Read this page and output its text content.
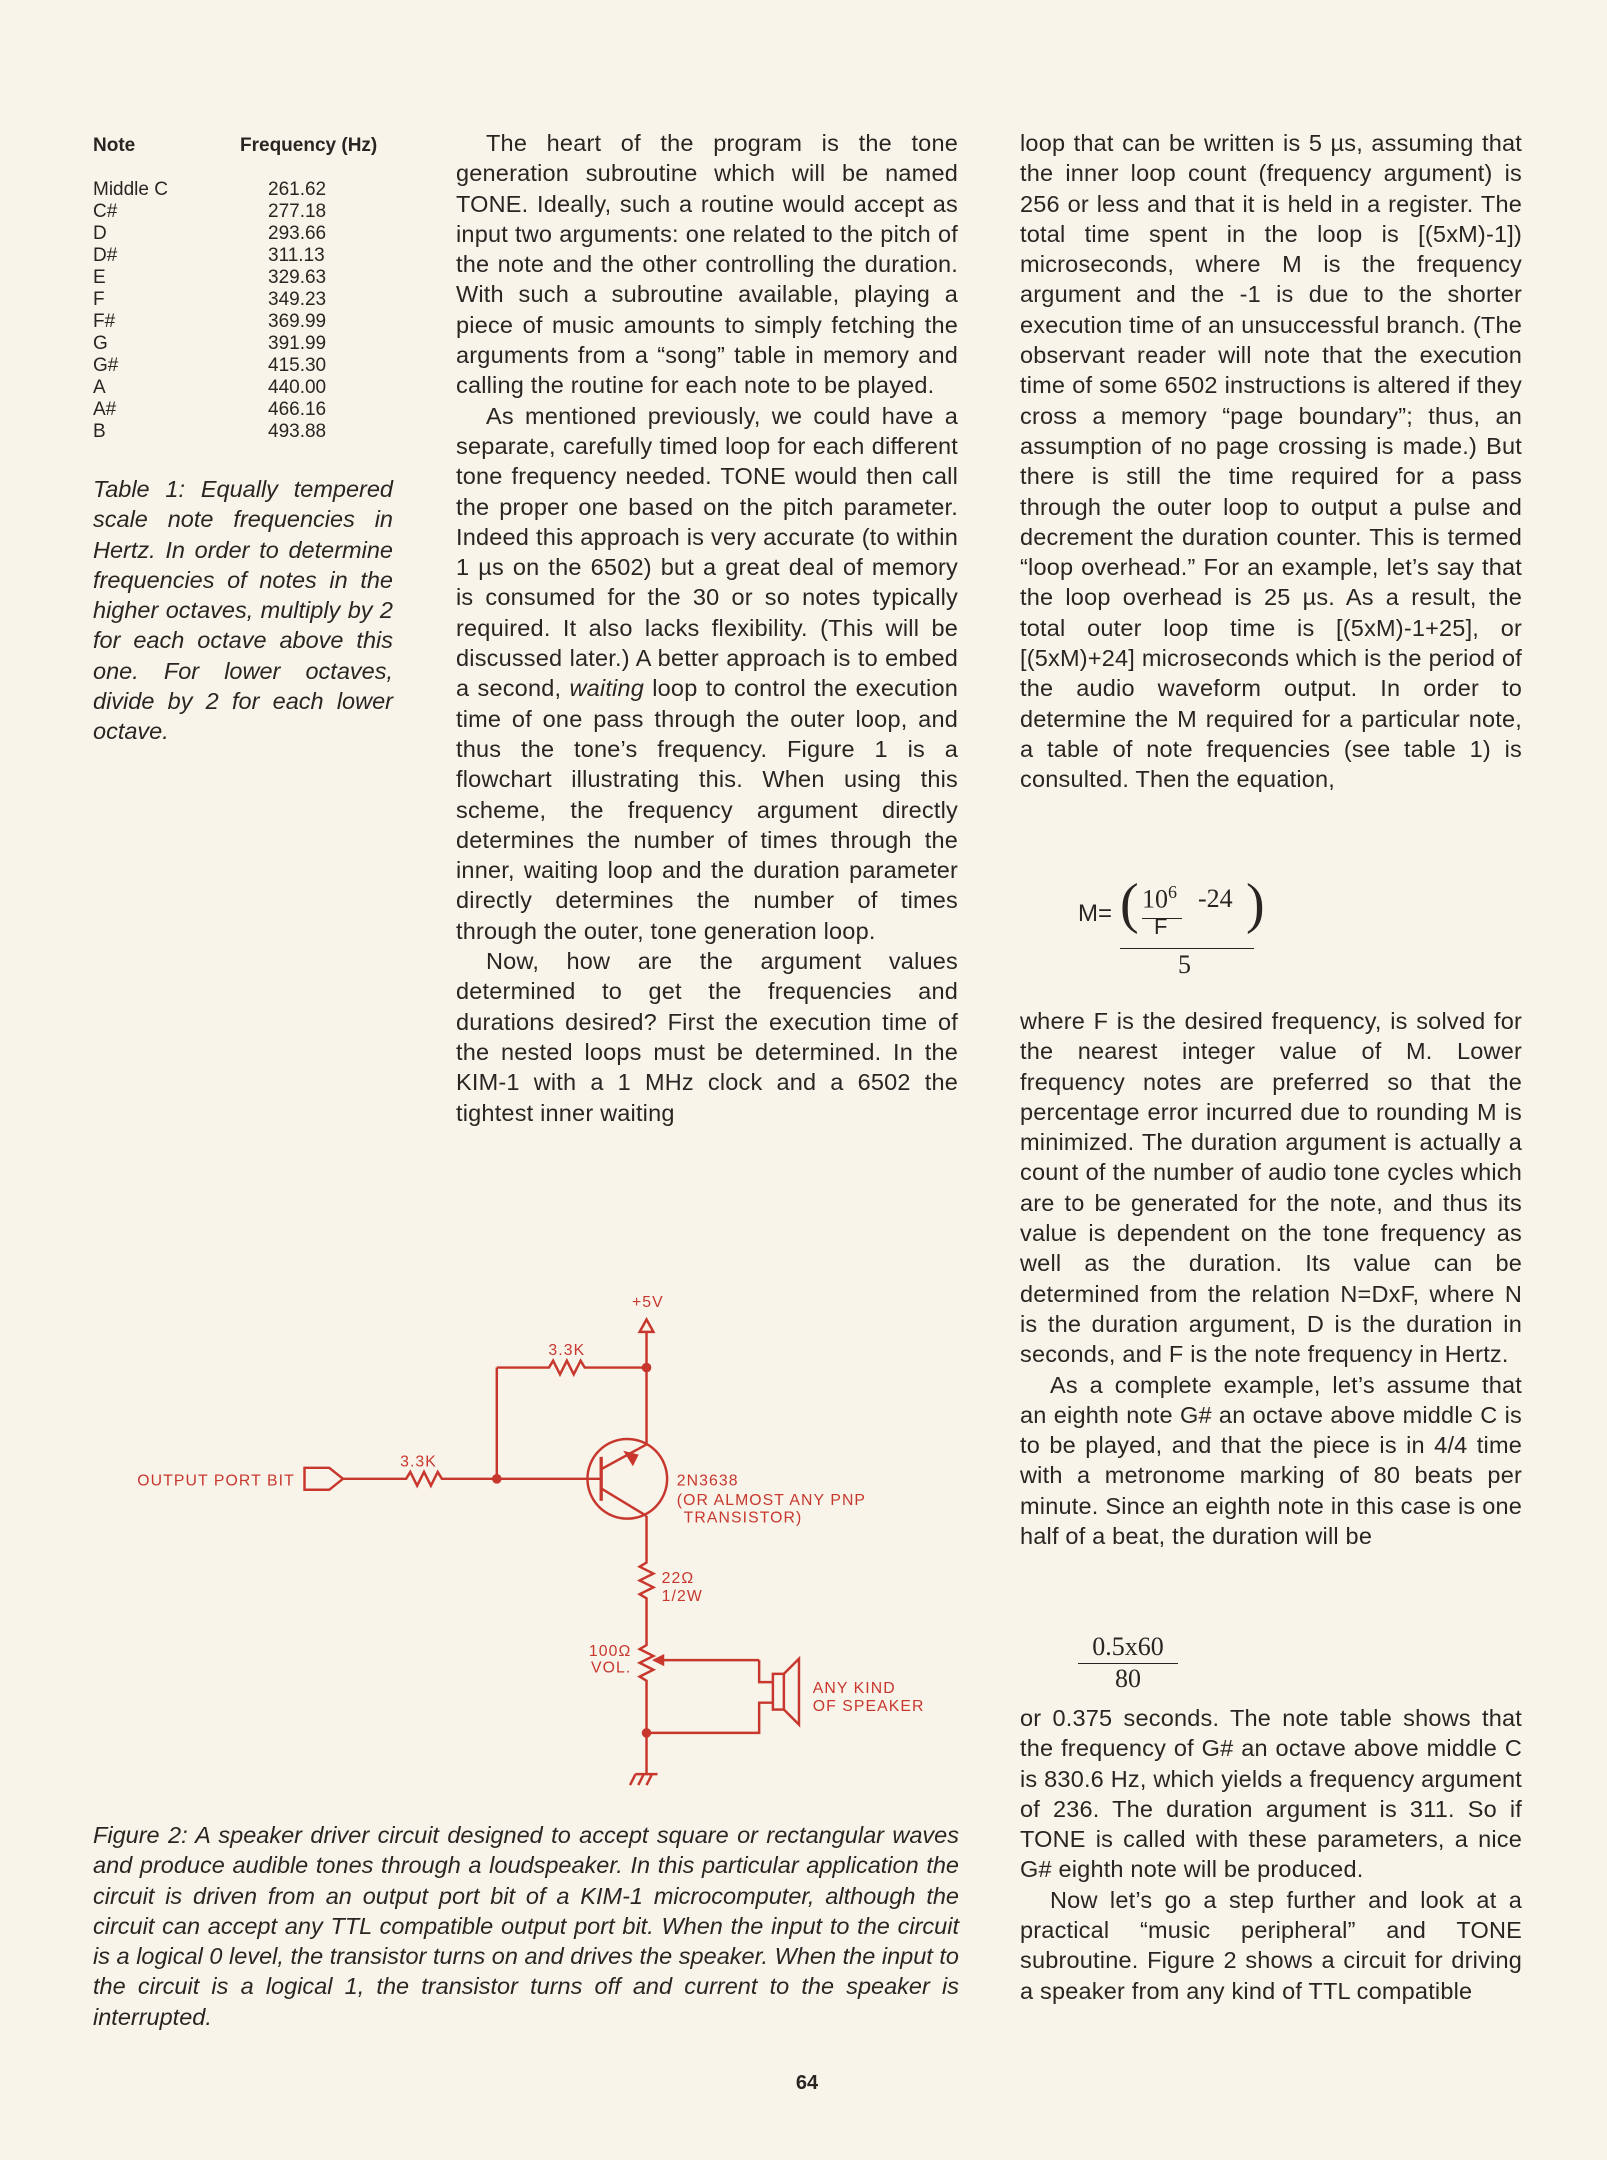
Note	Frequency (Hz)
Middle C	261.62
C#	277.18
D	293.66
D#	311.13
E	329.63
F	349.23
F#	369.99
G	391.99
G#	415.30
A	440.00
A#	466.16
B	493.88
Table 1: Equally tempered scale note frequencies in Hertz. In order to determine frequencies of notes in the higher octaves, multiply by 2 for each octave above this one. For lower octaves, divide by 2 for each lower octave.

The heart of the program is the tone generation subroutine which will be named TONE. Ideally, such a routine would accept as input two arguments: one related to the pitch of the note and the other controlling the duration. With such a subroutine available, playing a piece of music amounts to simply fetching the arguments from a “song” table in memory and calling the routine for each note to be played.

As mentioned previously, we could have a separate, carefully timed loop for each different tone frequency needed. TONE would then call the proper one based on the pitch parameter. Indeed this approach is very accurate (to within 1 µs on the 6502) but a great deal of memory is consumed for the 30 or so notes typically required. It also lacks flexibility. (This will be discussed later.) A better approach is to embed a second, waiting loop to control the execution time of one pass through the outer loop, and thus the tone’s frequency. Figure 1 is a flowchart illustrating this. When using this scheme, the frequency argument directly determines the number of times through the inner, waiting loop and the duration parameter directly determines the number of times through the outer, tone generation loop.

Now, how are the argument values determined to get the frequencies and durations desired? First the execution time of the nested loops must be determined. In the KIM-1 with a 1 MHz clock and a 6502 the tightest inner waiting

loop that can be written is 5 µs, assuming that the inner loop count (frequency argument) is 256 or less and that it is held in a register. The total time spent in the loop is [(5xM)-1]) microseconds, where M is the frequency argument and the -1 is due to the shorter execution time of an unsuccessful branch. (The observant reader will note that the execution time of some 6502 instructions is altered if they cross a memory “page boundary”; thus, an assumption of no page crossing is made.) But there is still the time required for a pass through the outer loop to output a pulse and decrement the duration counter. This is termed “loop overhead.” For an example, let’s say that the loop overhead is 25 µs. As a result, the total outer loop time is [(5xM)-1+25], or [(5xM)+24] microseconds which is the period of the audio waveform output. In order to determine the M required for a particular note, a table of note frequencies (see table 1) is consulted. Then the equation,

M= ( $10^6$
F
-24 )
5

where F is the desired frequency, is solved for the nearest integer value of M. Lower frequency notes are preferred so that the percentage error incurred due to rounding M is minimized. The duration argument is actually a count of the number of audio tone cycles which are to be generated for the note, and thus its value is dependent on the tone frequency as well as the duration. Its value can be determined from the relation N=DxF, where N is the duration argument, D is the duration in seconds, and F is the note frequency in Hertz.

As a complete example, let’s assume that an eighth note G# an octave above middle C is to be played, and that the piece is in 4/4 time with a metronome marking of 80 beats per minute. Since an eighth note in this case is one half of a beat, the duration will be

$\frac{0.5x60}{80}$

or 0.375 seconds. The note table shows that the frequency of G# an octave above middle C is 830.6 Hz, which yields a frequency argument of 236. The duration argument is 311. So if TONE is called with these parameters, a nice G# eighth note will be produced.

Now let’s go a step further and look at a practical “music peripheral” and TONE subroutine. Figure 2 shows a circuit for driving a speaker from any kind of TTL compatible

+5V
3.3K
3.3K
OUTPUT PORT BIT	2N3638
(OR ALMOST ANY PNP
TRANSISTOR)
22Ω
1/2W
100Ω
VOL.
ANY KIND
OF SPEAKER
Figure 2: A speaker driver circuit designed to accept square or rectangular waves and produce audible tones through a loudspeaker. In this particular application the circuit is driven from an output port bit of a KIM-1 microcomputer, although the circuit can accept any TTL compatible output port bit. When the input to the circuit is a logical 0 level, the transistor turns on and drives the speaker. When the input to the circuit is a logical 1, the transistor turns off and current to the speaker is interrupted.
64
